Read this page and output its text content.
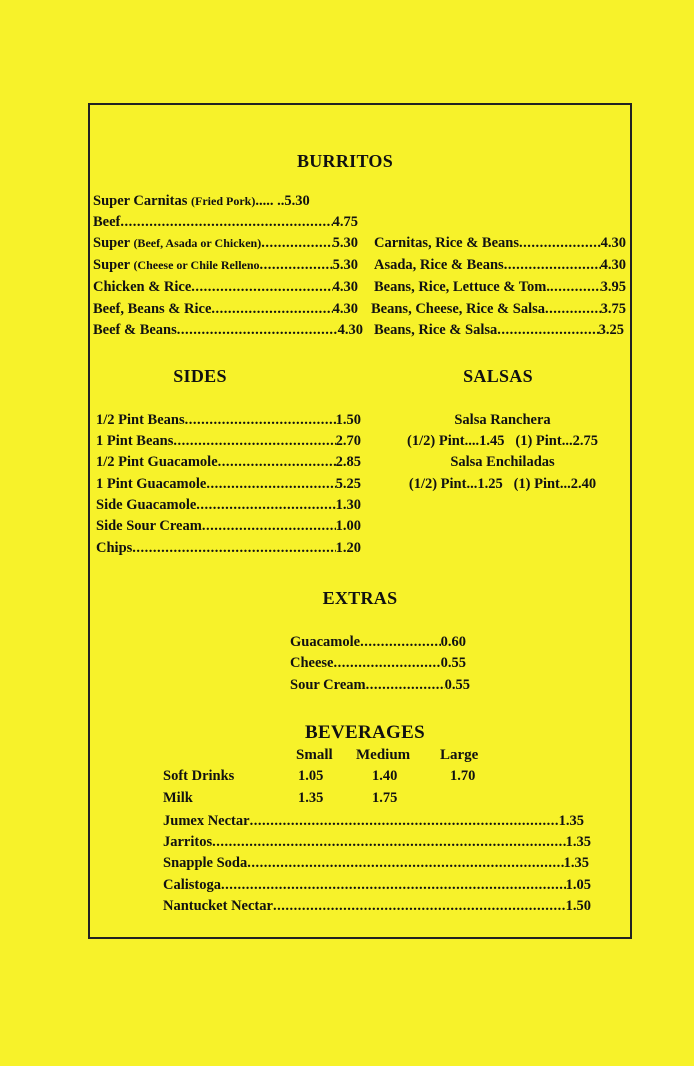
BURRITOS
Super Carnitas (Fried Pork) ..... ..5.30
Beef .....	4.75
Super (Beef, Asada or Chicken) .....	5.30
Super (Cheese or Chile Relleno .....	5.30
Chicken & Rice .....	4.30
Beef, Beans & Rice .....	4.30
Beef & Beans .....	4.30
Carnitas, Rice & Beans .....	4.30
Asada, Rice & Beans .....	4.30
Beans, Rice, Lettuce & Tom. .....	3.95
Beans, Cheese, Rice & Salsa .....	3.75
Beans, Rice & Salsa .....	3.25
SIDES
1/2 Pint Beans .....	1.50
1 Pint Beans .....	2.70
1/2 Pint Guacamole .....	2.85
1 Pint Guacamole .....	5.25
Side Guacamole .....	1.30
Side Sour Cream .....	1.00
Chips .....	1.20
SALSAS
Salsa Ranchera
(1/2) Pint....1.45   (1) Pint...2.75
Salsa Enchiladas
(1/2) Pint...1.25   (1) Pint...2.40
EXTRAS
Guacamole .....	0.60
Cheese .....	0.55
Sour Cream .....	0.55
BEVERAGES
Small Medium Large
Soft Drinks	1.05	1.40	1.70
Milk	1.35	1.75
Jumex Nectar .....	1.35
Jarritos .....	1.35
Snapple Soda .....	1.35
Calistoga .....	1.05
Nantucket Nectar .....	1.50
